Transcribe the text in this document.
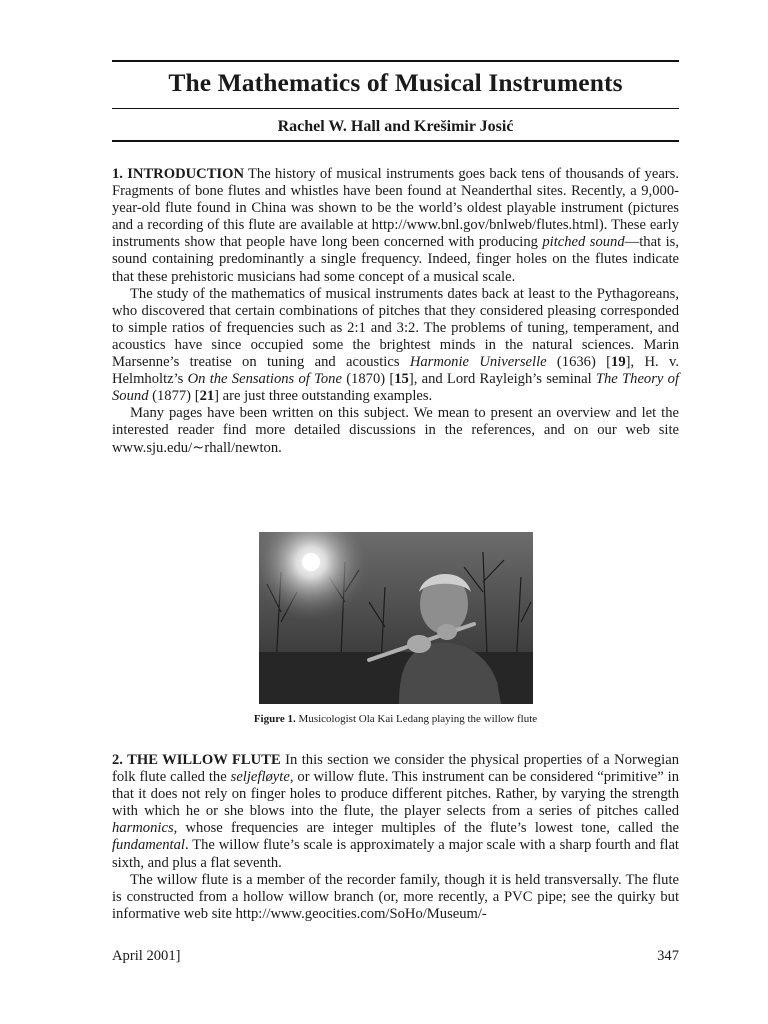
The Mathematics of Musical Instruments
Rachel W. Hall and Krešimir Josić

1. INTRODUCTION The history of musical instruments goes back tens of thousands of years. Fragments of bone flutes and whistles have been found at Neanderthal sites. Recently, a 9,000-year-old flute found in China was shown to be the world’s oldest playable instrument (pictures and a recording of this flute are available at http://www.bnl.gov/bnlweb/flutes.html). These early instruments show that people have long been concerned with producing pitched sound—that is, sound containing predominantly a single frequency. Indeed, finger holes on the flutes indicate that these prehistoric musicians had some concept of a musical scale.

The study of the mathematics of musical instruments dates back at least to the Pythagoreans, who discovered that certain combinations of pitches that they considered pleasing corresponded to simple ratios of frequencies such as 2:1 and 3:2. The problems of tuning, temperament, and acoustics have since occupied some the brightest minds in the natural sciences. Marin Marsenne’s treatise on tuning and acoustics Harmonie Universelle (1636) [19], H. v. Helmholtz’s On the Sensations of Tone (1870) [15], and Lord Rayleigh’s seminal The Theory of Sound (1877) [21] are just three outstanding examples.

Many pages have been written on this subject. We mean to present an overview and let the interested reader find more detailed discussions in the references, and on our web site www.sju.edu/∼rhall/newton.

Figure 1. Musicologist Ola Kai Ledang playing the willow flute

2. THE WILLOW FLUTE In this section we consider the physical properties of a Norwegian folk flute called the seljefløyte, or willow flute. This instrument can be considered “primitive” in that it does not rely on finger holes to produce different pitches. Rather, by varying the strength with which he or she blows into the flute, the player selects from a series of pitches called harmonics, whose frequencies are integer multiples of the flute’s lowest tone, called the fundamental. The willow flute’s scale is approximately a major scale with a sharp fourth and flat sixth, and plus a flat seventh.

The willow flute is a member of the recorder family, though it is held transversally. The flute is constructed from a hollow willow branch (or, more recently, a PVC pipe; see the quirky but informative web site http://www.geocities.com/SoHo/Museum/-

April 2001]	347
